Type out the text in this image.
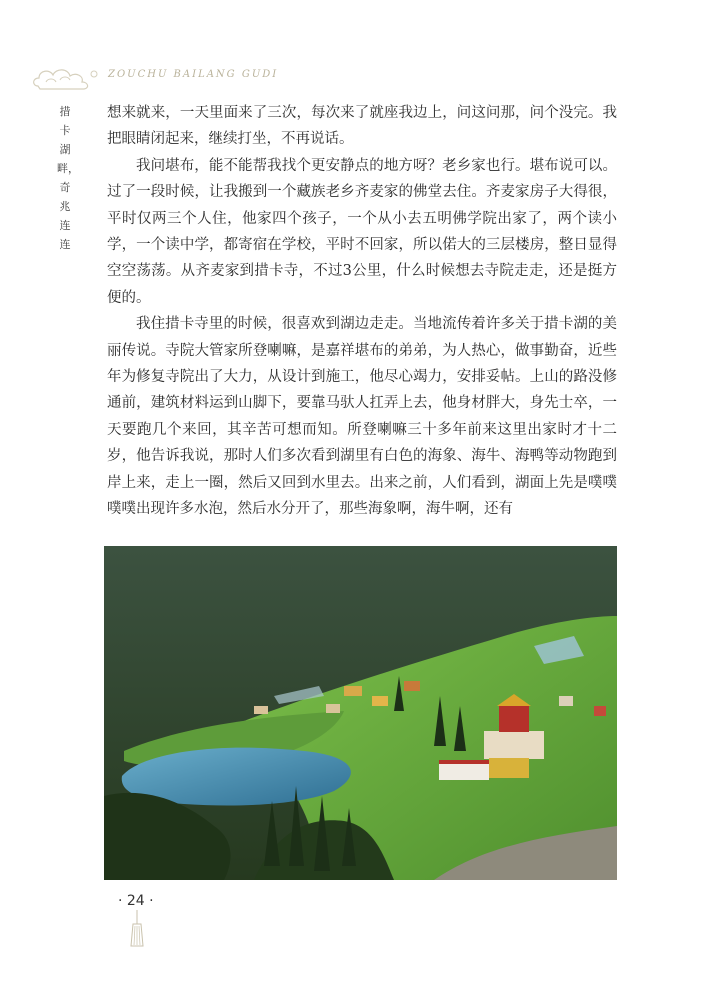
ZOUCHU BAILANG GUDI
措卡湖畔，奇兆连连

想来就来，一天里面来了三次，每次来了就座我边上，问这问那，问个没完。我把眼睛闭起来，继续打坐，不再说话。

我问堪布，能不能帮我找个更安静点的地方呀？老乡家也行。堪布说可以。过了一段时候，让我搬到一个藏族老乡齐麦家的佛堂去住。齐麦家房子大得很，平时仅两三个人住，他家四个孩子，一个从小去五明佛学院出家了，两个读小学，一个读中学，都寄宿在学校，平时不回家，所以偌大的三层楼房，整日显得空空荡荡。从齐麦家到措卡寺，不过3公里，什么时候想去寺院走走，还是挺方便的。

我住措卡寺里的时候，很喜欢到湖边走走。当地流传着许多关于措卡湖的美丽传说。寺院大管家所登喇嘛，是嘉祥堪布的弟弟，为人热心，做事勤奋，近些年为修复寺院出了大力，从设计到施工，他尽心竭力，安排妥帖。上山的路没修通前，建筑材料运到山脚下，要靠马驮人扛弄上去，他身材胖大，身先士卒，一天要跑几个来回，其辛苦可想而知。所登喇嘛三十多年前来这里出家时才十二岁，他告诉我说，那时人们多次看到湖里有白色的海象、海牛、海鸭等动物跑到岸上来，走上一圈，然后又回到水里去。出来之前，人们看到，湖面上先是噗噗噗噗出现许多水泡，然后水分开了，那些海象啊，海牛啊，还有

· 24 ·
